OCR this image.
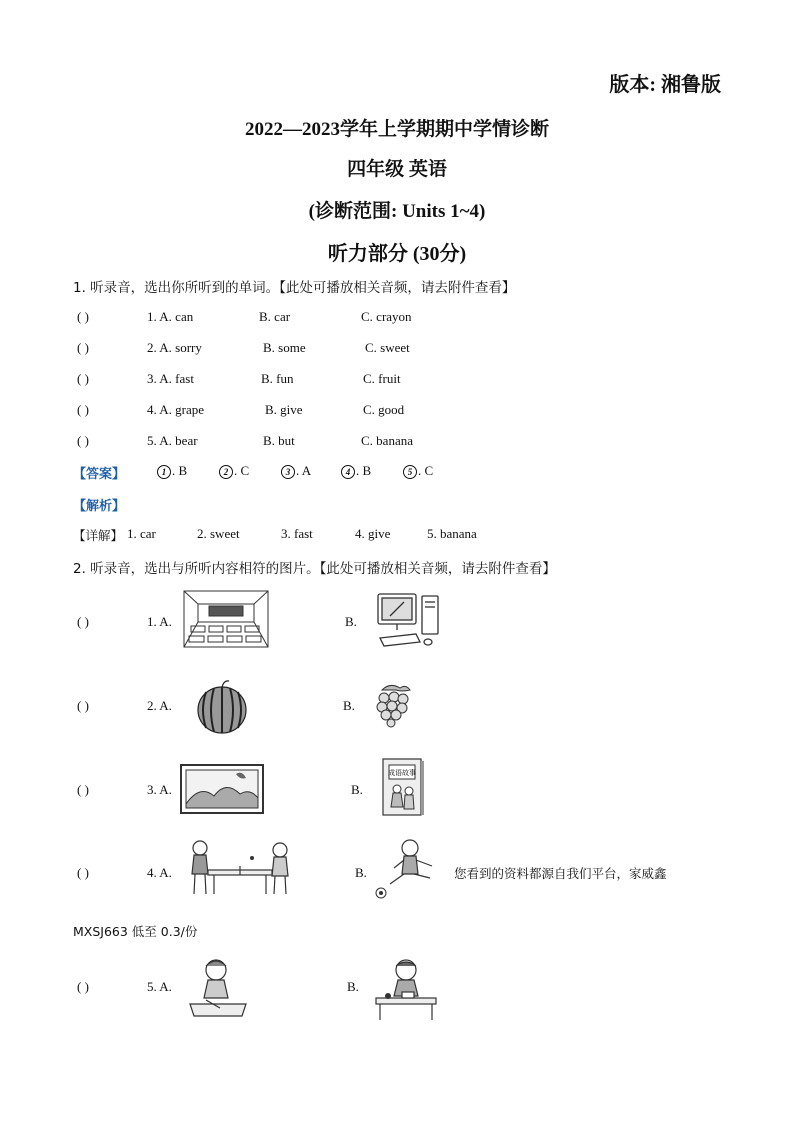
版本: 湘鲁版
2022—2023学年上学期期中学情诊断
四年级 英语
(诊断范围: Units 1~4)
听力部分 (30分)
1. 听录音，选出你所听到的单词。【此处可播放相关音频，请去附件查看】
( )	1. A. can	B. car	C. crayon
( )	2. A. sorry	B. some	C. sweet
( )	3. A. fast	B. fun	C. fruit
( )	4. A. grape	B. give	C. good
( )	5. A. bear	B. but	C. banana
【答案】	1 . B	2 . C	3 . A	4 . B	5 . C
【解析】
【详解】 1. car	2. sweet	3. fast	4. give	5. banana
2. 听录音，选出与所听内容相符的图片。【此处可播放相关音频，请去附件查看】
( )	1. A.	B.
( )	2. A.	B.
( )	3. A.	B.
成语故事
( )	4. A.	B.	您看到的资料都源自我们平台，家威鑫
MXSJ663 低至 0.3/份
( )	5. A.	B.
